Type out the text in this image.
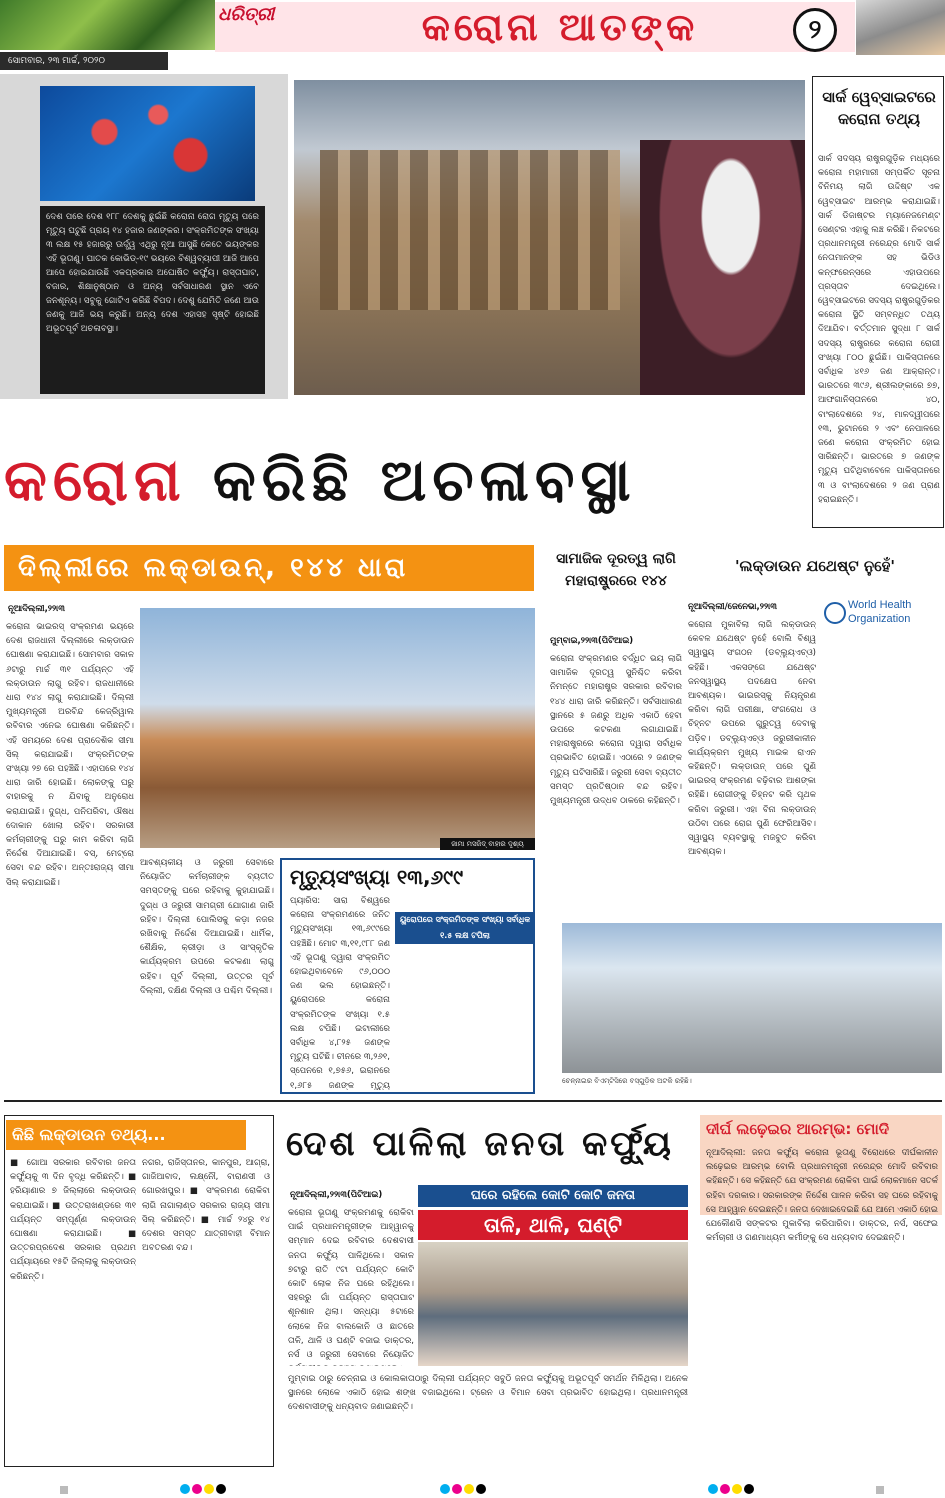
ଧରିତ୍ରୀ	କରୋନା ଆତଙ୍କ	୨
ସୋମବାର, ୨୩ ମାର୍ଚ୍ଚ, ୨୦୨୦
ଦେଶ ପରେ ଦେଶ ୧୮୮ ଦେଶକୁ ଛୁଇଁଛି କରୋନା ରୋଗ ମୃତ୍ୟୁ ପରେ ମୃତ୍ୟୁ ଘଟୁଛି ପ୍ରାୟ ୧୪ ହଜାର ଜଣଙ୍କର। ସଂକ୍ରମିତଙ୍କ ସଂଖ୍ୟା ୩ ଲକ୍ଷ ୧୫ ହଜାରରୁ ଊର୍ଦ୍ଧ୍ୱ ଏଥିରୁ ନୂଆ ଆସୁଛି କେତେ ଭୟଙ୍କର ଏହି ଭୂତାଣୁ। ଘାତକ କୋଭିଡ୍-୧୯ ଭୟରେ ବିଶ୍ୱବ୍ୟାପୀ ଆଜି ଆପେ ଆପେ ହୋଇଯାଉଛି ଏକପ୍ରକାର ଅଘୋଷିତ କର୍ଫ୍ୟୁ। ରାସ୍ତାଘାଟ, ବଜାର, ଶିକ୍ଷାନୁଷ୍ଠାନ ଓ ଅନ୍ୟ ସର୍ବସାଧାରଣ ସ୍ଥାନ ଏବେ ଜନଶୂନ୍ୟ। ସବୁକୁ ଗୋଟିଏ କରିଛି ବିପଦ। ଦେଶୁ ଯେମିତି ଜଣେ ଆଉ ଜଣକୁ ଆଜି ଭୟ କରୁଛି। ଅନ୍ୟ ଦେଶ ଏହାସହ ସୃଷ୍ଟି ହୋଇଛି ଅଭୂତପୂର୍ବ ଅଚଳାବସ୍ଥା।
ସାର୍କ ୱେବ୍‌ସାଇଟରେ କରୋନା ତଥ୍ୟ
ସାର୍କ ସଦସ୍ୟ ରାଷ୍ଟ୍ରଗୁଡ଼ିକ ମଧ୍ୟରେ କରୋନା ମହାମାରୀ ସମ୍ପର୍କିତ ସୂଚନା ବିନିମୟ ଲାଗି ଉଦ୍ଦିଷ୍ଟ ଏକ ୱେବ୍‌ସାଇଟ ଆରମ୍ଭ କରାଯାଇଛି। ସାର୍କ ଡିଜାଷ୍ଟର ମ୍ୟାନେଜମେଣ୍ଟ ସେଣ୍ଟର ଏହାକୁ ଲଞ୍ଚ କରିଛି। ନିକଟରେ ପ୍ରଧାନମନ୍ତ୍ରୀ ନରେନ୍ଦ୍ର ମୋଦି ସାର୍କ ନେତାମାନଙ୍କ ସହ ଭିଡିଓ କନ୍‌ଫରେନ୍ସରେ ଏହାଉପରେ ପ୍ରସ୍ତାବ ଦେଇଥିଲେ। ୱେବ୍‌ସାଇଟରେ ସଦସ୍ୟ ରାଷ୍ଟ୍ରଗୁଡ଼ିକର କରୋନା ସ୍ଥିତି ସମ୍ବନ୍ଧିତ ତଥ୍ୟ ଦିଆଯିବ। ବର୍ତ୍ତମାନ ସୁଦ୍ଧା ୮ ସାର୍କ ସଦସ୍ୟ ରାଷ୍ଟ୍ରରେ କରୋନା ରୋଗୀ ସଂଖ୍ୟା ୮୦୦ ଛୁଇଁଛି। ପାକିସ୍ତାନରେ ସର୍ବାଧିକ ୪୧୬ ଜଣ ଆକ୍ରାନ୍ତ। ଭାରତରେ ୩୯୬, ଶ୍ରୀଲଙ୍କାରେ ୭୭, ଆଫଗାନିସ୍ତାନରେ ୪୦, ବାଂଲାଦେଶରେ ୨୪, ମାଳଦ୍ୱୀପରେ ୧୩, ଭୁଟାନରେ ୨ ଏବଂ ନେପାଳରେ ଜଣେ କରୋନା ସଂକ୍ରମିତ ହୋଇ ସାରିଛନ୍ତି। ଭାରତରେ ୭ ଜଣଙ୍କ ମୃତ୍ୟୁ ଘଟିଥିବାବେଳେ ପାକିସ୍ତାନରେ ୩ ଓ ବାଂଲାଦେଶରେ ୨ ଜଣ ପ୍ରାଣ ହରାଇଛନ୍ତି।
କରୋନା କରିଛି ଅଚଳାବସ୍ଥା
ଦିଲ୍ଲୀରେ ଲକ୍‌ଡାଉନ୍, ୧୪୪ ଧାରା
ନୂଆଦିଲ୍ଲୀ,୨୨ା୩
କରୋନା ଭାଇରସ୍ ସଂକ୍ରମଣ ଭୟରେ ଦେଶ ରାଜଧାନୀ ଦିଲ୍ଲୀରେ ଲକ୍‌ଡାଉନ ଘୋଷଣା କରାଯାଇଛି। ସୋମବାର ସକାଳ ୬ଟାରୁ ମାର୍ଚ୍ଚ ୩୧ ପର୍ଯ୍ୟନ୍ତ ଏହି ଲକ୍‌ଡାଉନ ଲାଗୁ ରହିବ। ରାଜଧାନୀରେ ଧାରା ୧୪୪ ଲାଗୁ କରାଯାଇଛି। ଦିଲ୍ଲୀ ମୁଖ୍ୟମନ୍ତ୍ରୀ ଅରବିନ୍ଦ କେଜ୍ରିୱାଲ ରବିବାର ଏନେଇ ଘୋଷଣା କରିଛନ୍ତି। ଏହି ସମୟରେ ଦେଶ ପ୍ରାଦେଶିକ ସୀମା ସିଲ୍ କରାଯାଇଛି। ସଂକ୍ରମିତଙ୍କ ସଂଖ୍ୟା ୨୭ ରେ ପହଞ୍ଚିଛି। ଏହାପରେ ୧୪୪ ଧାରା ଜାରି ହୋଇଛି। ଲୋକଙ୍କୁ ଘରୁ ବାହାରକୁ ନ ଯିବାକୁ ଅନୁରୋଧ କରାଯାଇଛି। ଦୁଗ୍ଧ, ପନିପରିବା, ଔଷଧ ଦୋକାନ ଖୋଲା ରହିବ। ସରକାରୀ କର୍ମଚାରୀଙ୍କୁ ଘରୁ କାମ କରିବା ଲାଗି ନିର୍ଦ୍ଦେଶ ଦିଆଯାଇଛି। ବସ୍, ମେଟ୍ରୋ ସେବା ବନ୍ଦ ରହିବ। ଅନ୍ତଃରାଜ୍ୟ ସୀମା ସିଲ୍ କରାଯାଇଛି।
ଜାମା ମସଜିଦ୍ ବାହାର ଦୃଶ୍ୟ
ଆବଶ୍ୟକୀୟ ଓ ଜରୁରୀ ସେବାରେ ନିୟୋଜିତ କର୍ମଚାରୀଙ୍କ ବ୍ୟତୀତ ସମସ୍ତଙ୍କୁ ଘରେ ରହିବାକୁ କୁହାଯାଇଛି। ଦୁଗ୍ଧ ଓ ଜରୁରୀ ସାମଗ୍ରୀ ଯୋଗାଣ ଜାରି ରହିବ। ଦିଲ୍ଲୀ ପୋଲିସକୁ କଡ଼ା ନଜର ରଖିବାକୁ ନିର୍ଦ୍ଦେଶ ଦିଆଯାଇଛି। ଧାର୍ମିକ, ଶୈକ୍ଷିକ, କ୍ରୀଡ଼ା ଓ ସାଂସ୍କୃତିକ କାର୍ଯ୍ୟକ୍ରମ ଉପରେ କଟକଣା ଲାଗୁ ରହିବ। ପୂର୍ବ ଦିଲ୍ଲୀ, ଉତ୍ତର ପୂର୍ବ ଦିଲ୍ଲୀ, ଦକ୍ଷିଣ ଦିଲ୍ଲୀ ଓ ପଶ୍ଚିମ ଦିଲ୍ଲୀ।
ସାମାଜିକ ଦୂରତ୍ୱ ଲାଗି ମହାରାଷ୍ଟ୍ରରେ ୧୪୪
ମୁମ୍ବାଇ,୨୨ା୩(ପିଟିଆଇ)
କରୋନା ସଂକ୍ରମଣର ବର୍ଦ୍ଧିତ ଭୟ ଲାଗି ସାମାଜିକ ଦୂରତ୍ୱ ସୁନିଶ୍ଚିତ କରିବା ନିମନ୍ତେ ମହାରାଷ୍ଟ୍ର ସରକାର ରବିବାର ୧୪୪ ଧାରା ଜାରି କରିଛନ୍ତି। ସର୍ବସାଧାରଣ ସ୍ଥାନରେ ୫ ଜଣରୁ ଅଧିକ ଏକାଠି ହେବା ଉପରେ କଟକଣା ଲଗାଯାଇଛି। ମହାରାଷ୍ଟ୍ରରେ କରୋନା ଦ୍ୱାରା ସର୍ବାଧିକ ପ୍ରଭାବିତ ହୋଇଛି। ଏଠାରେ ୨ ଜଣଙ୍କ ମୃତ୍ୟୁ ଘଟିସାରିଛି। ଜରୁରୀ ସେବା ବ୍ୟତୀତ ସମସ୍ତ ପ୍ରତିଷ୍ଠାନ ବନ୍ଦ ରହିବ। ମୁଖ୍ୟମନ୍ତ୍ରୀ ଉଦ୍ଧବ ଠାକରେ କହିଛନ୍ତି।
'ଲକ୍‌ଡାଉନ ଯଥେଷ୍ଟ ନୁହେଁ'
ନୂଆଦିଲ୍ଲୀ/ଜେନେଭା,୨୨ା୩	World Health
Organization
କରୋନା ମୁକାବିଲା ଲାଗି ଲକ୍‌ଡାଉନ୍ କେବଳ ଯଥେଷ୍ଟ ନୁହେଁ ବୋଲି ବିଶ୍ୱ ସ୍ୱାସ୍ଥ୍ୟ ସଂଗଠନ (ଡବ୍ଲ୍ୟୁଏଚ୍‌ଓ) କହିଛି। ଏକସଙ୍ଗେ ଯଥେଷ୍ଟ ଜନସ୍ୱାସ୍ଥ୍ୟ ପଦକ୍ଷେପ ନେବା ଆବଶ୍ୟକ। ଭାଇରସ୍‌କୁ ନିୟନ୍ତ୍ରଣ କରିବା ଲାଗି ପରୀକ୍ଷା, ସଂଗରୋଧ ଓ ଚିହ୍ନଟ ଉପରେ ଗୁରୁତ୍ୱ ଦେବାକୁ ପଡ଼ିବ। ଡବ୍ଲ୍ୟୁଏଚ୍‌ଓ ଜରୁରୀକାଳୀନ କାର୍ଯ୍ୟକ୍ରମ ମୁଖ୍ୟ ମାଇକ ରାଏନ କହିଛନ୍ତି। ଲକ୍‌ଡାଉନ୍ ପରେ ପୁଣି ଭାଇରସ୍ ସଂକ୍ରମଣ ବଢ଼ିବାର ଆଶଙ୍କା ରହିଛି। ରୋଗୀଙ୍କୁ ଚିହ୍ନଟ କରି ପୃଥକ କରିବା ଜରୁରୀ। ଏହା ବିନା ଲକ୍‌ଡାଉନ୍ ଉଠିବା ପରେ ରୋଗ ପୁଣି ଫେରିଆସିବ। ସ୍ୱାସ୍ଥ୍ୟ ବ୍ୟବସ୍ଥାକୁ ମଜବୁତ କରିବା ଆବଶ୍ୟକ।
ମୃତ୍ୟୁସଂଖ୍ୟା ୧୩,୬୯୯
ୟୁରୋପରେ ସଂକ୍ରମିତଙ୍କ ସଂଖ୍ୟା ସର୍ବାଧିକ ୧.୫ ଲକ୍ଷ ଟପିଲା
ପ୍ୟାରିସ: ସାରା ବିଶ୍ୱରେ କରୋନା ସଂକ୍ରମଣରେ ଜନିତ ମୃତ୍ୟୁସଂଖ୍ୟା ୧୩,୬୯୯ରେ ପହଞ୍ଚିଛି। ମୋଟ ୩,୧୧,୯୮୮ ଜଣ ଏହି ଭୂତାଣୁ ଦ୍ୱାରା ସଂକ୍ରମିତ ହୋଇଥିବାବେଳେ ୯୬,୦୦୦ ଜଣ ଭଲ ହୋଇଛନ୍ତି। ୟୁରୋପରେ କରୋନା ସଂକ୍ରମିତଙ୍କ ସଂଖ୍ୟା ୧.୫ ଲକ୍ଷ ଟପିଛି। ଇଟାଲୀରେ ସର୍ବାଧିକ ୪,୮୨୫ ଜଣଙ୍କ ମୃତ୍ୟୁ ଘଟିଛି। ଚୀନରେ ୩,୨୬୧, ସ୍ପେନରେ ୧,୭୫୬, ଇରାନରେ ୧,୬୮୫ ଜଣଙ୍କ ମୃତ୍ୟୁ	ଚେନ୍ନାଇର ବିଏମ୍‌ଟିସିରେ ବସ୍‌ଗୁଡ଼ିକ ଅଟକି ରହିଛି।
କିଛି ଲକ୍‌ଡାଉନ ତଥ୍ୟ...
■ ଗୋଆ ସରକାର ରବିବାର ଜନତା କର୍ଫ୍ୟୁକୁ ୩ ଦିନ ବୃଦ୍ଧି କରିଛନ୍ତି। ■ ହରିୟାଣାର ୭ ଜିଲ୍ଲାରେ ଲକ୍‌ଡାଉନ୍ କରାଯାଇଛି। ■ ଉତ୍ତରାଖଣ୍ଡରେ ୩୧ ପର୍ଯ୍ୟନ୍ତ ସମ୍ପୂର୍ଣ୍ଣ ଲକ୍‌ଡାଉନ୍ ଘୋଷଣା କରାଯାଇଛି। ■ ଉତ୍ତରପ୍ରଦେଶ ସରକାର ପ୍ରଥମ ପର୍ଯ୍ୟାୟରେ ୧୫ଟି ଜିଲ୍ଲାକୁ ଲକ୍‌ଡାଉନ୍ କରିଛନ୍ତି।
ନଗର, ରାଜିସ୍ତାନର, କାନପୁର, ଆଗ୍ରା, ଗାଜିଆବାଦ, ଲକ୍ଷ୍ନୌ, ବାରାଣସୀ ଓ ଗୋରଖପୁର। ■ ସଂକ୍ରମଣ ରୋକିବା ଲାଗି ନାଗାଲାଣ୍ଡ ସରକାର ରାଜ୍ୟ ସୀମା ସିଲ୍ କରିଛନ୍ତି। ■ ମାର୍ଚ୍ଚ ୨୪ରୁ ୧୪ ଦେଶର ସମସ୍ତ ଯାତ୍ରୀବାହୀ ବିମାନ ଅବତରଣ ବନ୍ଦ।
ଦେଶ ପାଳିଲା ଜନତା କର୍ଫ୍ୟୁ
ନୂଆଦିଲ୍ଲୀ,୨୨ା୩(ପିଟିଆଇ)	ଘରେ ରହିଲେ କୋଟି କୋଟି ଜନତା
ତାଳି, ଥାଳି, ଘଣ୍ଟି
କରୋନା ଭୂତାଣୁ ସଂକ୍ରମଣକୁ ରୋକିବା ପାଇଁ ପ୍ରଧାନମନ୍ତ୍ରୀଙ୍କ ଆହ୍ୱାନକୁ ସମ୍ମାନ ଦେଇ ରବିବାର ଦେଶବାସୀ ଜନତା କର୍ଫ୍ୟୁ ପାଳିଥିଲେ। ସକାଳ ୭ଟାରୁ ରାତି ୯ଟା ପର୍ଯ୍ୟନ୍ତ କୋଟି କୋଟି ଲୋକ ନିଜ ଘରେ ରହିଥିଲେ। ସହରରୁ ଗାଁ ପର୍ଯ୍ୟନ୍ତ ରାସ୍ତାଘାଟ ଶୂନଶାନ ଥିଲା। ସନ୍ଧ୍ୟା ୫ଟାରେ ଲୋକେ ନିଜ ବାଲକୋନି ଓ ଛାତରେ ତାଳି, ଥାଳି ଓ ଘଣ୍ଟି ବଜାଇ ଡାକ୍ତର, ନର୍ସ ଓ ଜରୁରୀ ସେବାରେ ନିୟୋଜିତ
ମୁମ୍ବାଇ ଠାରୁ ଚେନ୍ନାଇ ଓ କୋଲକାତାଠାରୁ ଦିଲ୍ଲୀ ପର୍ଯ୍ୟନ୍ତ ସବୁଠି ଜନତା କର୍ଫ୍ୟୁକୁ ଅଭୂତପୂର୍ବ ସମର୍ଥନ ମିଳିଥିଲା। ଅନେକ ସ୍ଥାନରେ ଲୋକେ ଏକାଠି ହୋଇ ଶଙ୍ଖ ବଜାଇଥିଲେ। ଟ୍ରେନ ଓ ବିମାନ ସେବା ପ୍ରଭାବିତ ହୋଇଥିଲା। ପ୍ରଧାନମନ୍ତ୍ରୀ ଦେଶବାସୀଙ୍କୁ ଧନ୍ୟବାଦ ଜଣାଇଛନ୍ତି।
ଦୀର୍ଘ ଲଢ଼େଇର ଆରମ୍ଭ: ମୋଦି
ନୂଆଦିଲ୍ଲୀ: ଜନତା କର୍ଫ୍ୟୁ କରୋନା ଭୂତାଣୁ ବିରୋଧରେ ଦୀର୍ଘକାଳୀନ ଲଢ଼େଇର ଆରମ୍ଭ ବୋଲି ପ୍ରଧାନମନ୍ତ୍ରୀ ନରେନ୍ଦ୍ର ମୋଦି ରବିବାର କହିଛନ୍ତି। ସେ କହିଛନ୍ତି ଯେ ସଂକ୍ରମଣ ରୋକିବା ପାଇଁ ଲୋକମାନେ ସତର୍କ ରହିବା ଦରକାର। ସରକାରଙ୍କ ନିର୍ଦ୍ଦେଶ ପାଳନ କରିବା ସହ ଘରେ ରହିବାକୁ ସେ ଆହ୍ୱାନ ଦେଇଛନ୍ତି। ଜନତା ଦେଖାଇଦେଇଛି ଯେ ଆମେ ଏକାଠି ହୋଇ ଯେକୌଣସି ସଙ୍କଟର ମୁକାବିଲା କରିପାରିବା। ଡାକ୍ତର, ନର୍ସ, ସଫେଇ କର୍ମଚାରୀ ଓ ଗଣମାଧ୍ୟମ କର୍ମୀଙ୍କୁ ସେ ଧନ୍ୟବାଦ ଦେଇଛନ୍ତି।
